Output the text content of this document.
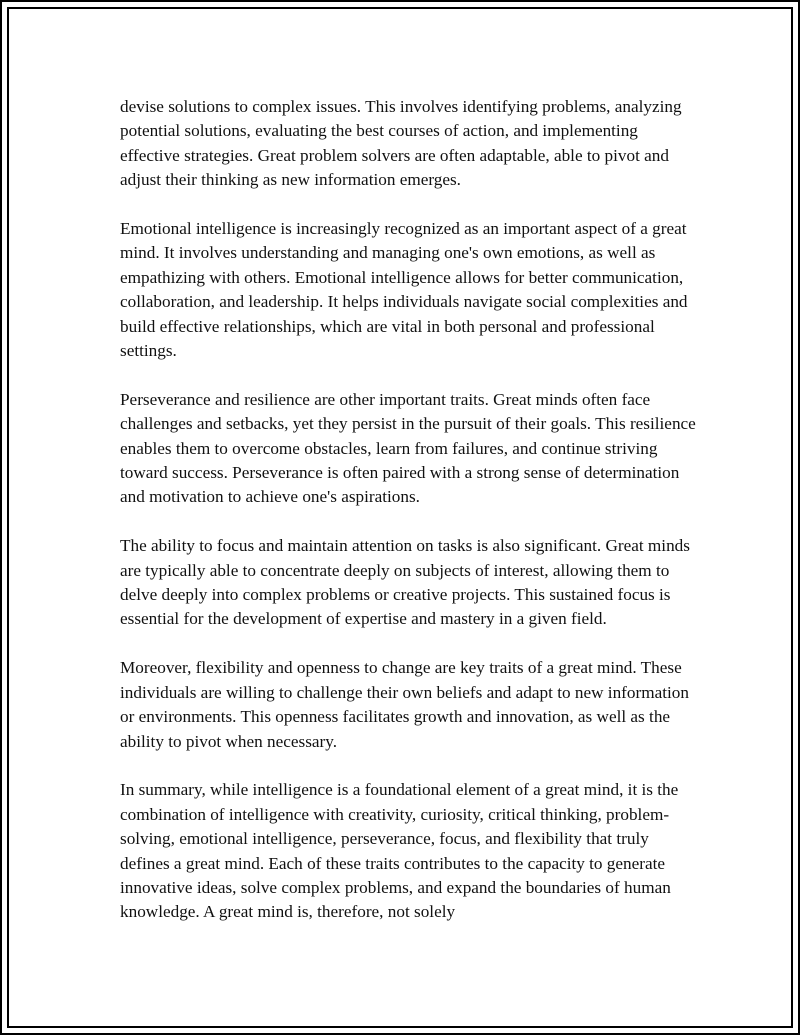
devise solutions to complex issues. This involves identifying problems, analyzing potential solutions, evaluating the best courses of action, and implementing effective strategies. Great problem solvers are often adaptable, able to pivot and adjust their thinking as new information emerges.

Emotional intelligence is increasingly recognized as an important aspect of a great mind. It involves understanding and managing one's own emotions, as well as empathizing with others. Emotional intelligence allows for better communication, collaboration, and leadership. It helps individuals navigate social complexities and build effective relationships, which are vital in both personal and professional settings.

Perseverance and resilience are other important traits. Great minds often face challenges and setbacks, yet they persist in the pursuit of their goals. This resilience enables them to overcome obstacles, learn from failures, and continue striving toward success. Perseverance is often paired with a strong sense of determination and motivation to achieve one's aspirations.

The ability to focus and maintain attention on tasks is also significant. Great minds are typically able to concentrate deeply on subjects of interest, allowing them to delve deeply into complex problems or creative projects. This sustained focus is essential for the development of expertise and mastery in a given field.

Moreover, flexibility and openness to change are key traits of a great mind. These individuals are willing to challenge their own beliefs and adapt to new information or environments. This openness facilitates growth and innovation, as well as the ability to pivot when necessary.

In summary, while intelligence is a foundational element of a great mind, it is the combination of intelligence with creativity, curiosity, critical thinking, problem-solving, emotional intelligence, perseverance, focus, and flexibility that truly defines a great mind. Each of these traits contributes to the capacity to generate innovative ideas, solve complex problems, and expand the boundaries of human knowledge. A great mind is, therefore, not solely
